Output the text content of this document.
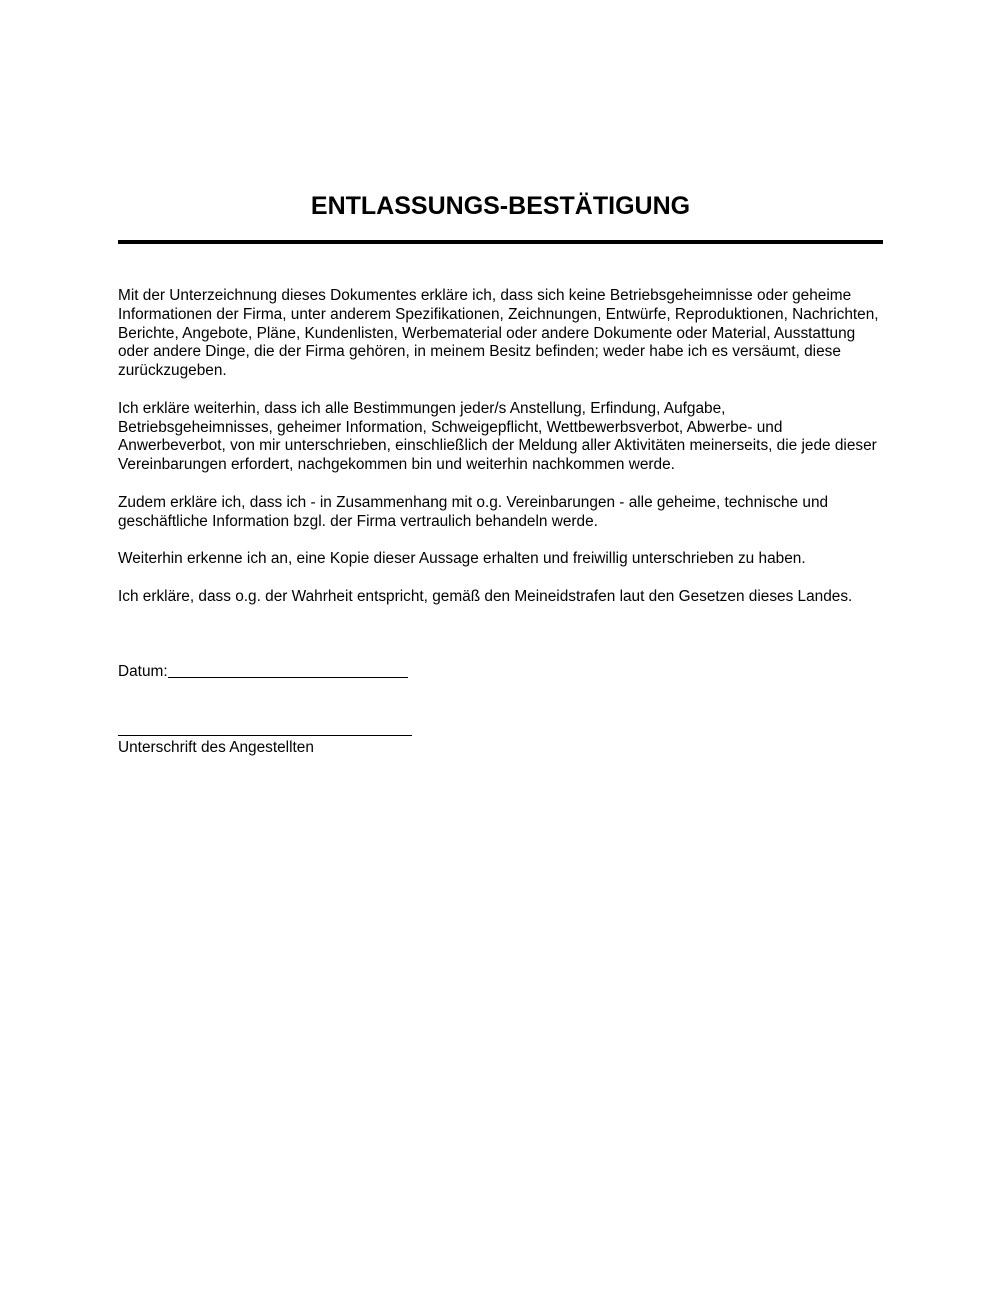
ENTLASSUNGS-BESTÄTIGUNG

Mit der Unterzeichnung dieses Dokumentes erkläre ich, dass sich keine Betriebsgeheimnisse oder geheime Informationen der Firma, unter anderem Spezifikationen, Zeichnungen, Entwürfe, Reproduktionen, Nachrichten, Berichte, Angebote, Pläne, Kundenlisten, Werbematerial oder andere Dokumente oder Material, Ausstattung oder andere Dinge, die der Firma gehören, in meinem Besitz befinden; weder habe ich es versäumt, diese zurückzugeben.

Ich erkläre weiterhin, dass ich alle Bestimmungen jeder/s Anstellung, Erfindung, Aufgabe, Betriebsgeheimnisses, geheimer Information, Schweigepflicht, Wettbewerbsverbot, Abwerbe- und Anwerbeverbot, von mir unterschrieben, einschließlich der Meldung aller Aktivitäten meinerseits, die jede dieser Vereinbarungen erfordert, nachgekommen bin und weiterhin nachkommen werde.

Zudem erkläre ich, dass ich - in Zusammenhang mit o.g. Vereinbarungen - alle geheime, technische und geschäftliche Information bzgl. der Firma vertraulich behandeln werde.

Weiterhin erkenne ich an, eine Kopie dieser Aussage erhalten und freiwillig unterschrieben zu haben.

Ich erkläre, dass o.g. der Wahrheit entspricht, gemäß den Meineidstrafen laut den Gesetzen dieses Landes.

Datum:
Unterschrift des Angestellten
